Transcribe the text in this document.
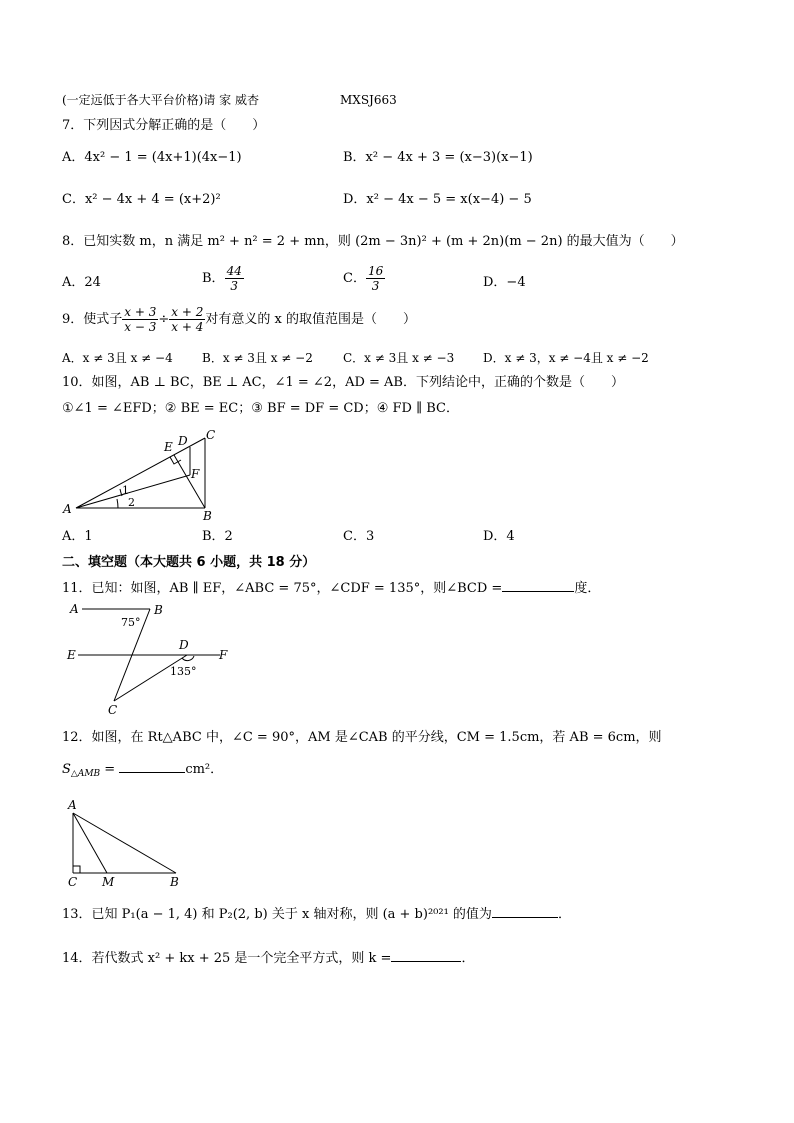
(一定远低于各大平台价格)请 家 威杏	MXSJ663
7．下列因式分解正确的是（　　）
A．4x² − 1 = (4x+1)(4x−1)	B．x² − 4x + 3 = (x−3)(x−1)
C．x² − 4x + 4 = (x+2)²	D．x² − 4x − 5 = x(x−4) − 5
8．已知实数 m，n 满足 m² + n² = 2 + mn，则 (2m − 3n)² + (m + 2n)(m − 2n) 的最大值为（　　）
A．24	B． $\frac{44}{3}$	C． $\frac{16}{3}$	D．−4
9．使式子 $\frac{x + 3}{x - 3} \div \frac{x + 2}{x + 4}$ 对有意义的 x 的取值范围是（　　）
A．x ≠ 3且 x ≠ −4 B．x ≠ 3且 x ≠ −2	C．x ≠ 3且 x ≠ −3 D．x ≠ 3，x ≠ −4且 x ≠ −2
10．如图，AB ⊥ BC，BE ⊥ AC，∠1 = ∠2，AD = AB．下列结论中，正确的个数是（　　）
①∠1 = ∠EFD；② BE = EC；③ BF = DF = CD；④ FD ∥ BC．
A	B
C
D
E
F
1
2
A．1	B．2	C．3	D．4
二、填空题（本大题共 6 小题，共 18 分）
11．已知：如图，AB ∥ EF，∠ABC = 75°，∠CDF = 135°，则∠BCD =	度．
A	B
E	F
D
C
75°
135°
12．如图，在 Rt△ABC 中，∠C = 90°，AM 是∠CAB 的平分线，CM = 1.5cm，若 AB = 6cm，则
$S_{\triangle AMB}$ =	cm²．
A
C M	B
13．已知 P₁(a − 1, 4) 和 P₂(2, b) 关于 x 轴对称，则 (a + b)²⁰²¹ 的值为	．
14．若代数式 x² + kx + 25 是一个完全平方式，则 k =	．
